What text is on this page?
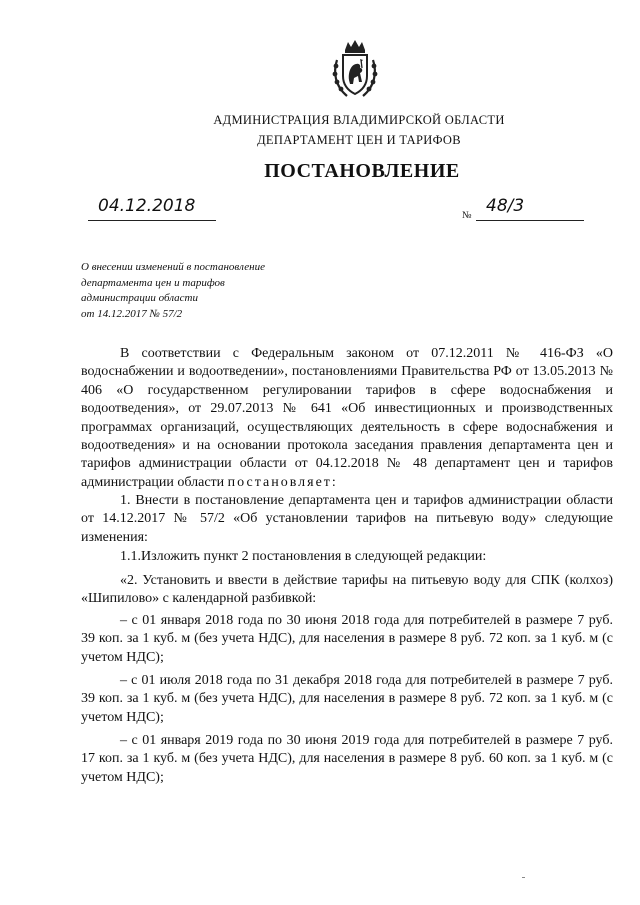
АДМИНИСТРАЦИЯ ВЛАДИМИРСКОЙ ОБЛАСТИ
ДЕПАРТАМЕНТ ЦЕН И ТАРИФОВ
ПОСТАНОВЛЕНИЕ
04.12.2018	№ 48/3
О внесении изменений в постановление
департамента цен и тарифов
администрации области
от 14.12.2017 № 57/2

В соответствии с Федеральным законом от 07.12.2011 № 416-ФЗ «О водоснабжении и водоотведении», постановлениями Правительства РФ от 13.05.2013 № 406 «О государственном регулировании тарифов в сфере водоснабжения и водоотведения», от 29.07.2013 № 641 «Об инвестиционных и производственных программах организаций, осуществляющих деятельность в сфере водоснабжения и водоотведения» и на основании протокола заседания правления департамента цен и тарифов администрации области от 04.12.2018 № 48 департамент цен и тарифов администрации области постановляет:

1. Внести в постановление департамента цен и тарифов администрации области от 14.12.2017 № 57/2 «Об установлении тарифов на питьевую воду» следующие изменения:

1.1.Изложить пункт 2 постановления в следующей редакции:

«2. Установить и ввести в действие тарифы на питьевую воду для СПК (колхоз) «Шипилово» с календарной разбивкой:

– с 01 января 2018 года по 30 июня 2018 года для потребителей в размере 7 руб. 39 коп. за 1 куб. м (без учета НДС), для населения в размере 8 руб. 72 коп. за 1 куб. м (с учетом НДС);

– с 01 июля 2018 года по 31 декабря 2018 года для потребителей в размере 7 руб. 39 коп. за 1 куб. м (без учета НДС), для населения в размере 8 руб. 72 коп. за 1 куб. м (с учетом НДС);

– с 01 января 2019 года по 30 июня 2019 года для потребителей в размере 7 руб. 17 коп. за 1 куб. м (без учета НДС), для населения в размере 8 руб. 60 коп. за 1 куб. м (с учетом НДС);
